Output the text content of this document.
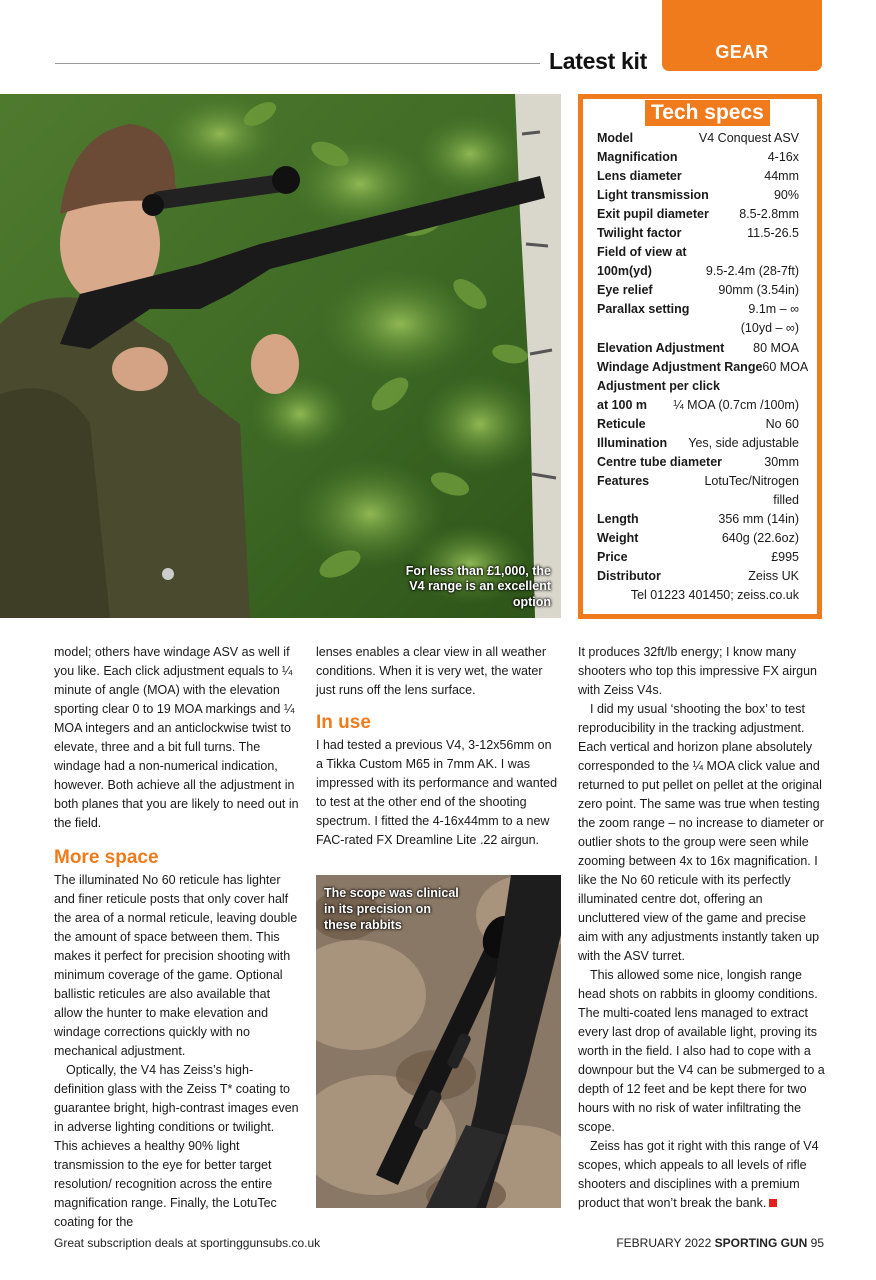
GEAR
Latest kit
For less than £1,000, the V4 range is an excellent option
Tech specs
Model	V4 Conquest ASV
Magnification	4-16x
Lens diameter	44mm
Light transmission	90%
Exit pupil diameter 8.5-2.8mm
Twilight factor	11.5-26.5
Field of view at
100m(yd)	9.5-2.4m (28-7ft)
Eye relief	90mm (3.54in)
Parallax setting	9.1m – ∞
(10yd – ∞)
Elevation Adjustment 80 MOA
Windage Adjustment Range 60 MOA
Adjustment per click
at 100 m ¼ MOA (0.7cm /100m)
Reticule	No 60
Illumination Yes, side adjustable
Centre tube diameter	30mm
Features	LotuTec/Nitrogen
filled
Length	356 mm (14in)
Weight	640g (22.6oz)
Price	£995
Distributor	Zeiss UK
Tel 01223 401450; zeiss.co.uk

model; others have windage ASV as well if you like. Each click adjustment equals to ¼ minute of angle (MOA) with the elevation sporting clear 0 to 19 MOA markings and ¼ MOA integers and an anticlockwise twist to elevate, three and a bit full turns. The windage had a non-numerical indication, however. Both achieve all the adjustment in both planes that you are likely to need out in the field.

More space

The illuminated No 60 reticule has lighter and finer reticule posts that only cover half the area of a normal reticule, leaving double the amount of space between them. This makes it perfect for precision shooting with minimum coverage of the game. Optional ballistic reticules are also available that allow the hunter to make elevation and windage corrections quickly with no mechanical adjustment.

Optically, the V4 has Zeiss’s high-definition glass with the Zeiss T* coating to guarantee bright, high-contrast images even in adverse lighting conditions or twilight. This achieves a healthy 90% light transmission to the eye for better target resolution/ recognition across the entire magnification range. Finally, the LotuTec coating for the

lenses enables a clear view in all weather conditions. When it is very wet, the water just runs off the lens surface.

In use

I had tested a previous V4, 3-12x56mm on a Tikka Custom M65 in 7mm AK. I was impressed with its performance and wanted to test at the other end of the shooting spectrum. I fitted the 4-16x44mm to a new FAC-rated FX Dreamline Lite .22 airgun.

The scope was clinical in its precision on these rabbits

It produces 32ft/lb energy; I know many shooters who top this impressive FX airgun with Zeiss V4s.

I did my usual ‘shooting the box’ to test reproducibility in the tracking adjustment. Each vertical and horizon plane absolutely corresponded to the ¼ MOA click value and returned to put pellet on pellet at the original zero point. The same was true when testing the zoom range – no increase to diameter or outlier shots to the group were seen while zooming between 4x to 16x magnification. I like the No 60 reticule with its perfectly illuminated centre dot, offering an uncluttered view of the game and precise aim with any adjustments instantly taken up with the ASV turret.

This allowed some nice, longish range head shots on rabbits in gloomy conditions. The multi-coated lens managed to extract every last drop of available light, proving its worth in the field. I also had to cope with a downpour but the V4 can be submerged to a depth of 12 feet and be kept there for two hours with no risk of water infiltrating the scope.

Zeiss has got it right with this range of V4 scopes, which appeals to all levels of rifle shooters and disciplines with a premium product that won’t break the bank.

Great subscription deals at sportinggunsubs.co.uk	FEBRUARY 2022 SPORTING GUN 95
